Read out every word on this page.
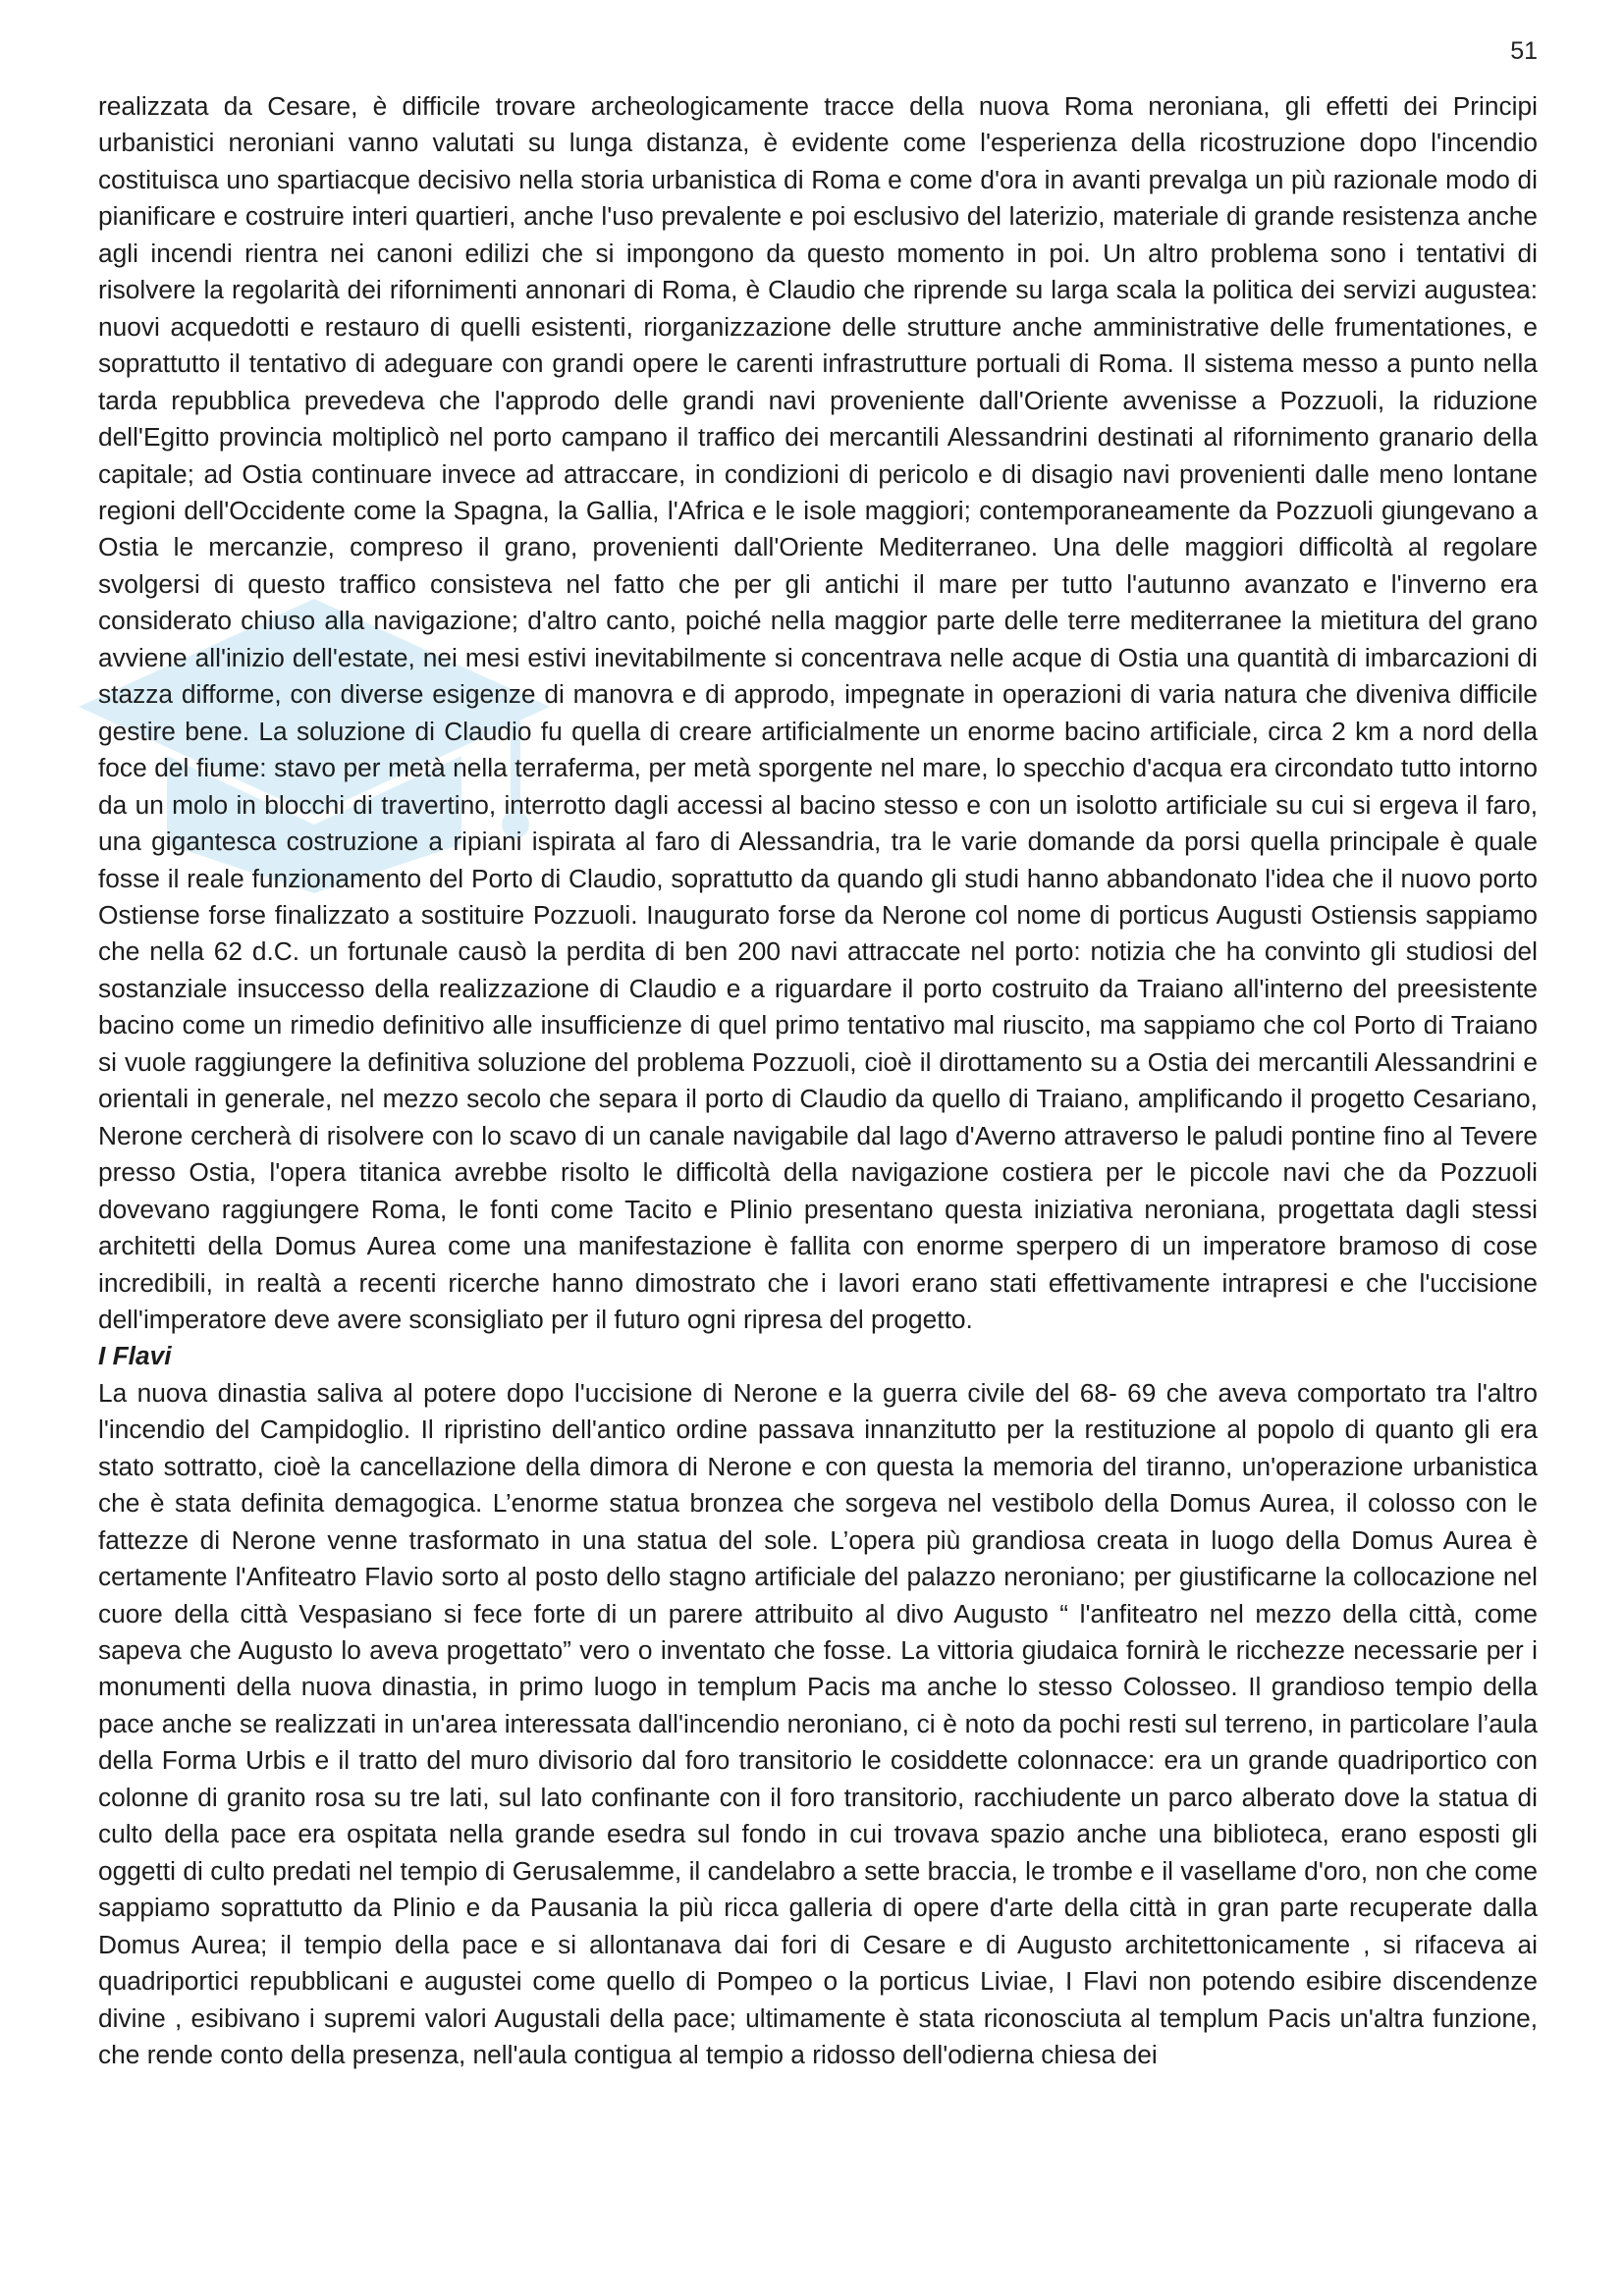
51

realizzata da Cesare, è difficile trovare archeologicamente tracce della nuova Roma neroniana, gli effetti dei Principi urbanistici neroniani vanno valutati su lunga distanza, è evidente come l'esperienza della ricostruzione dopo l'incendio costituisca uno spartiacque decisivo nella storia urbanistica di Roma e come d'ora in avanti prevalga un più razionale modo di pianificare e costruire interi quartieri, anche l'uso prevalente e poi esclusivo del laterizio, materiale di grande resistenza anche agli incendi rientra nei canoni edilizi che si impongono da questo momento in poi. Un altro problema sono i tentativi di risolvere la regolarità dei rifornimenti annonari di Roma, è Claudio che riprende su larga scala la politica dei servizi augustea: nuovi acquedotti e restauro di quelli esistenti, riorganizzazione delle strutture anche amministrative delle frumentationes, e soprattutto il tentativo di adeguare con grandi opere le carenti infrastrutture portuali di Roma. Il sistema messo a punto nella tarda repubblica prevedeva che l'approdo delle grandi navi proveniente dall'Oriente avvenisse a Pozzuoli, la riduzione dell'Egitto provincia moltiplicò nel porto campano il traffico dei mercantili Alessandrini destinati al rifornimento granario della capitale; ad Ostia continuare invece ad attraccare, in condizioni di pericolo e di disagio navi provenienti dalle meno lontane regioni dell'Occidente come la Spagna, la Gallia, l'Africa e le isole maggiori; contemporaneamente da Pozzuoli giungevano a Ostia le mercanzie, compreso il grano, provenienti dall'Oriente Mediterraneo. Una delle maggiori difficoltà al regolare svolgersi di questo traffico consisteva nel fatto che per gli antichi il mare per tutto l'autunno avanzato e l'inverno era considerato chiuso alla navigazione; d'altro canto, poiché nella maggior parte delle terre mediterranee la mietitura del grano avviene all'inizio dell'estate, nei mesi estivi inevitabilmente si concentrava nelle acque di Ostia una quantità di imbarcazioni di stazza difforme, con diverse esigenze di manovra e di approdo, impegnate in operazioni di varia natura che diveniva difficile gestire bene. La soluzione di Claudio fu quella di creare artificialmente un enorme bacino artificiale, circa 2 km a nord della foce del fiume: stavo per metà nella terraferma, per metà sporgente nel mare, lo specchio d'acqua era circondato tutto intorno da un molo in blocchi di travertino, interrotto dagli accessi al bacino stesso e con un isolotto artificiale su cui si ergeva il faro, una gigantesca costruzione a ripiani ispirata al faro di Alessandria, tra le varie domande da porsi quella principale è quale fosse il reale funzionamento del Porto di Claudio, soprattutto da quando gli studi hanno abbandonato l'idea che il nuovo porto Ostiense forse finalizzato a sostituire Pozzuoli. Inaugurato forse da Nerone col nome di porticus Augusti Ostiensis sappiamo che nella 62 d.C. un fortunale causò la perdita di ben 200 navi attraccate nel porto: notizia che ha convinto gli studiosi del sostanziale insuccesso della realizzazione di Claudio e a riguardare il porto costruito da Traiano all'interno del preesistente bacino come un rimedio definitivo alle insufficienze di quel primo tentativo mal riuscito, ma sappiamo che col Porto di Traiano si vuole raggiungere la definitiva soluzione del problema Pozzuoli, cioè il dirottamento su a Ostia dei mercantili Alessandrini e orientali in generale, nel mezzo secolo che separa il porto di Claudio da quello di Traiano, amplificando il progetto Cesariano, Nerone cercherà di risolvere con lo scavo di un canale navigabile dal lago d'Averno attraverso le paludi pontine fino al Tevere presso Ostia, l'opera titanica avrebbe risolto le difficoltà della navigazione costiera per le piccole navi che da Pozzuoli dovevano raggiungere Roma, le fonti come Tacito e Plinio presentano questa iniziativa neroniana, progettata dagli stessi architetti della Domus Aurea come una manifestazione è fallita con enorme sperpero di un imperatore bramoso di cose incredibili, in realtà a recenti ricerche hanno dimostrato che i lavori erano stati effettivamente intrapresi e che l'uccisione dell'imperatore deve avere sconsigliato per il futuro ogni ripresa del progetto.

I Flavi

La nuova dinastia saliva al potere dopo l'uccisione di Nerone e la guerra civile del 68- 69 che aveva comportato tra l'altro l'incendio del Campidoglio. Il ripristino dell'antico ordine passava innanzitutto per la restituzione al popolo di quanto gli era stato sottratto, cioè la cancellazione della dimora di Nerone e con questa la memoria del tiranno, un'operazione urbanistica che è stata definita demagogica. L’enorme statua bronzea che sorgeva nel vestibolo della Domus Aurea, il colosso con le fattezze di Nerone venne trasformato in una statua del sole. L’opera più grandiosa creata in luogo della Domus Aurea è certamente l'Anfiteatro Flavio sorto al posto dello stagno artificiale del palazzo neroniano; per giustificarne la collocazione nel cuore della città Vespasiano si fece forte di un parere attribuito al divo Augusto “ l'anfiteatro nel mezzo della città, come sapeva che Augusto lo aveva progettato” vero o inventato che fosse. La vittoria giudaica fornirà le ricchezze necessarie per i monumenti della nuova dinastia, in primo luogo in templum Pacis ma anche lo stesso Colosseo. Il grandioso tempio della pace anche se realizzati in un'area interessata dall'incendio neroniano, ci è noto da pochi resti sul terreno, in particolare l’aula della Forma Urbis e il tratto del muro divisorio dal foro transitorio le cosiddette colonnacce: era un grande quadriportico con colonne di granito rosa su tre lati, sul lato confinante con il foro transitorio, racchiudente un parco alberato dove la statua di culto della pace era ospitata nella grande esedra sul fondo in cui trovava spazio anche una biblioteca, erano esposti gli oggetti di culto predati nel tempio di Gerusalemme, il candelabro a sette braccia, le trombe e il vasellame d'oro, non che come sappiamo soprattutto da Plinio e da Pausania la più ricca galleria di opere d'arte della città in gran parte recuperate dalla Domus Aurea; il tempio della pace e si allontanava dai fori di Cesare e di Augusto architettonicamente , si rifaceva ai quadriportici repubblicani e augustei come quello di Pompeo o la porticus Liviae, I Flavi non potendo esibire discendenze divine , esibivano i supremi valori Augustali della pace; ultimamente è stata riconosciuta al templum Pacis un'altra funzione, che rende conto della presenza, nell'aula contigua al tempio a ridosso dell'odierna chiesa dei
